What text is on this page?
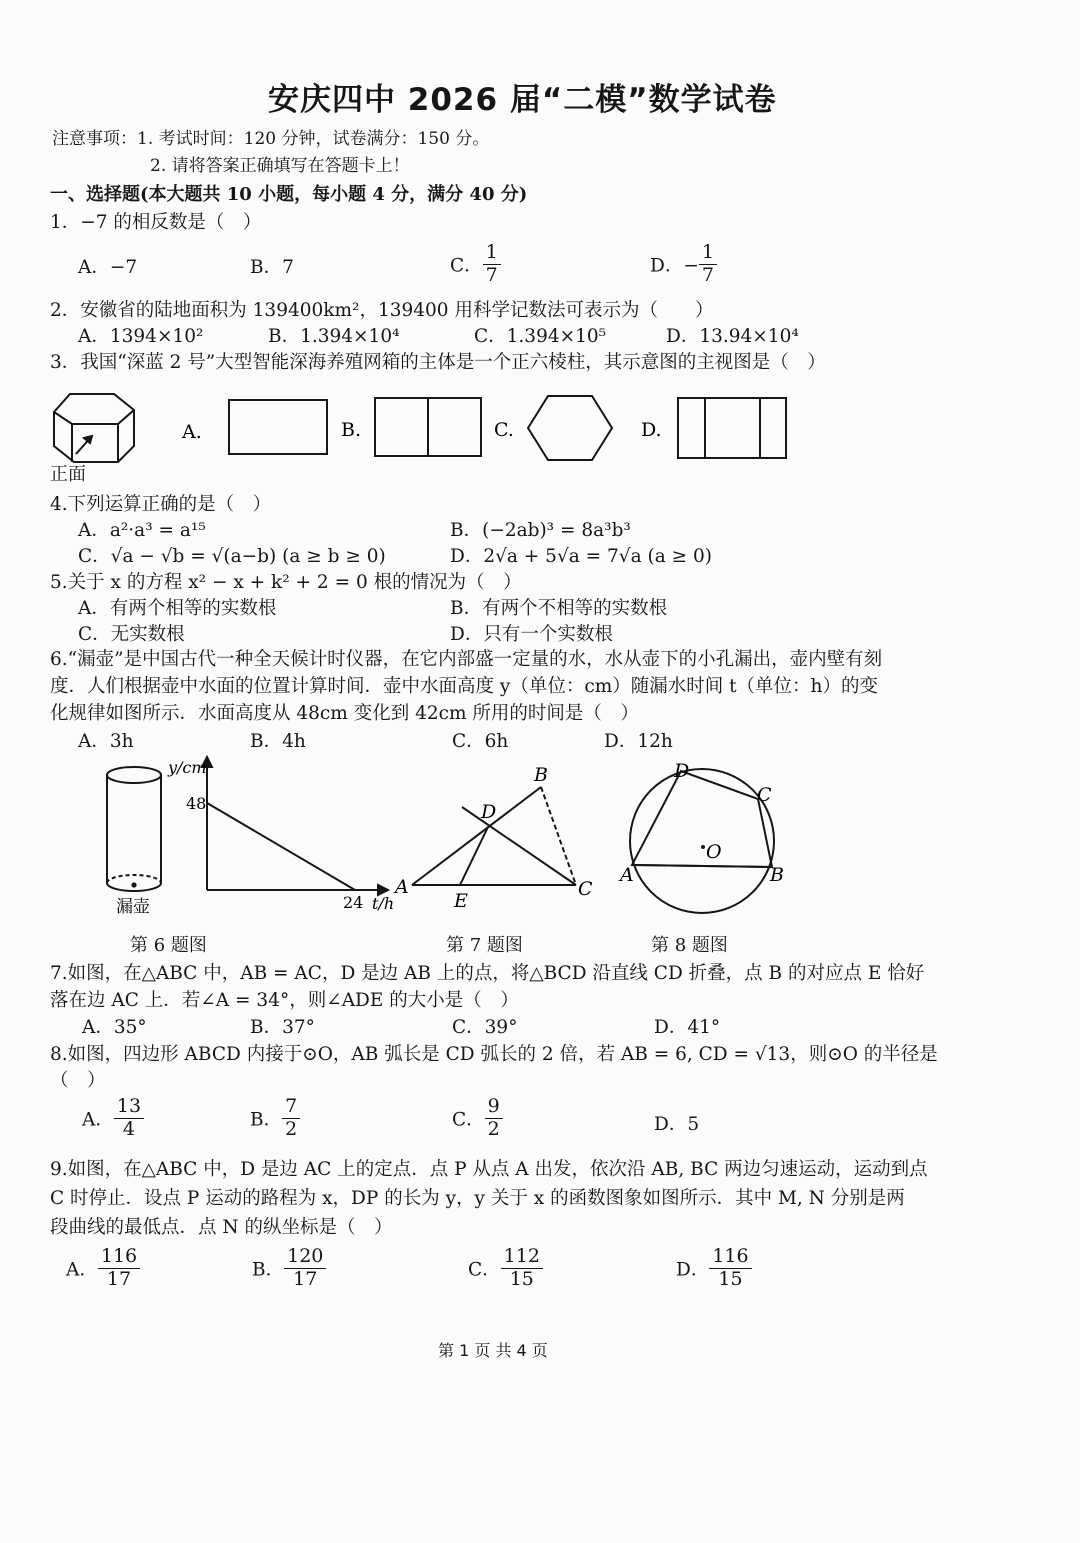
安庆四中 2026 届“二模”数学试卷
注意事项：1. 考试时间：120 分钟，试卷满分：150 分。
2. 请将答案正确填写在答题卡上！
一、选择题(本大题共 10 小题，每小题 4 分，满分 40 分)
1．−7 的相反数是（　）
A．−7	B．7	C． $\frac{1}{7}$	D．− $\frac{1}{7}$
2．安徽省的陆地面积为 139400km²，139400 用科学记数法可表示为（　　）
A．1394×10²	B．1.394×10⁴	C．1.394×10⁵	D．13.94×10⁴
3．我国“深蓝 2 号”大型智能深海养殖网箱的主体是一个正六棱柱，其示意图的主视图是（　）
A.	B.	C.	D.
正面
4.下列运算正确的是（　）
A．a²·a³ = a¹⁵	B．(−2ab)³ = 8a³b³
C．√a − √b = √(a−b) (a ≥ b ≥ 0)	D．2√a + 5√a = 7√a (a ≥ 0)
5.关于 x 的方程 x² − x + k² + 2 = 0 根的情况为（　）
A．有两个相等的实数根	B．有两个不相等的实数根
C．无实数根	D．只有一个实数根
6.“漏壶”是中国古代一种全天候计时仪器，在它内部盛一定量的水，水从壶下的小孔漏出，壶内壁有刻
度．人们根据壶中水面的位置计算时间．壶中水面高度 y（单位：cm）随漏水时间 t（单位：h）的变
化规律如图所示．水面高度从 48cm 变化到 42cm 所用的时间是（　）
A．3h	B．4h	C．6h	D．12h
漏壶
y/cm
48
24 t/h
A
B
C
D
E
A	B
C
D
O
第 6 题图	第 7 题图	第 8 题图
7.如图，在△ABC 中，AB = AC，D 是边 AB 上的点，将△BCD 沿直线 CD 折叠，点 B 的对应点 E 恰好
落在边 AC 上．若∠A = 34°，则∠ADE 的大小是（　）
A．35°	B．37°	C．39°	D．41°
8.如图，四边形 ABCD 内接于⊙O，AB 弧长是 CD 弧长的 2 倍，若 AB = 6, CD = √13，则⊙O 的半径是
（　）
A． $\frac{13}{4}$	B． $\frac{7}{2}$	C． $\frac{9}{2}$	D．5
9.如图，在△ABC 中，D 是边 AC 上的定点．点 P 从点 A 出发，依次沿 AB, BC 两边匀速运动，运动到点
C 时停止．设点 P 运动的路程为 x，DP 的长为 y，y 关于 x 的函数图象如图所示．其中 M, N 分别是两
段曲线的最低点．点 N 的纵坐标是（　）
A． $\frac{116}{17}$	B． $\frac{120}{17}$	C． $\frac{112}{15}$	D． $\frac{116}{15}$
第 1 页 共 4 页
